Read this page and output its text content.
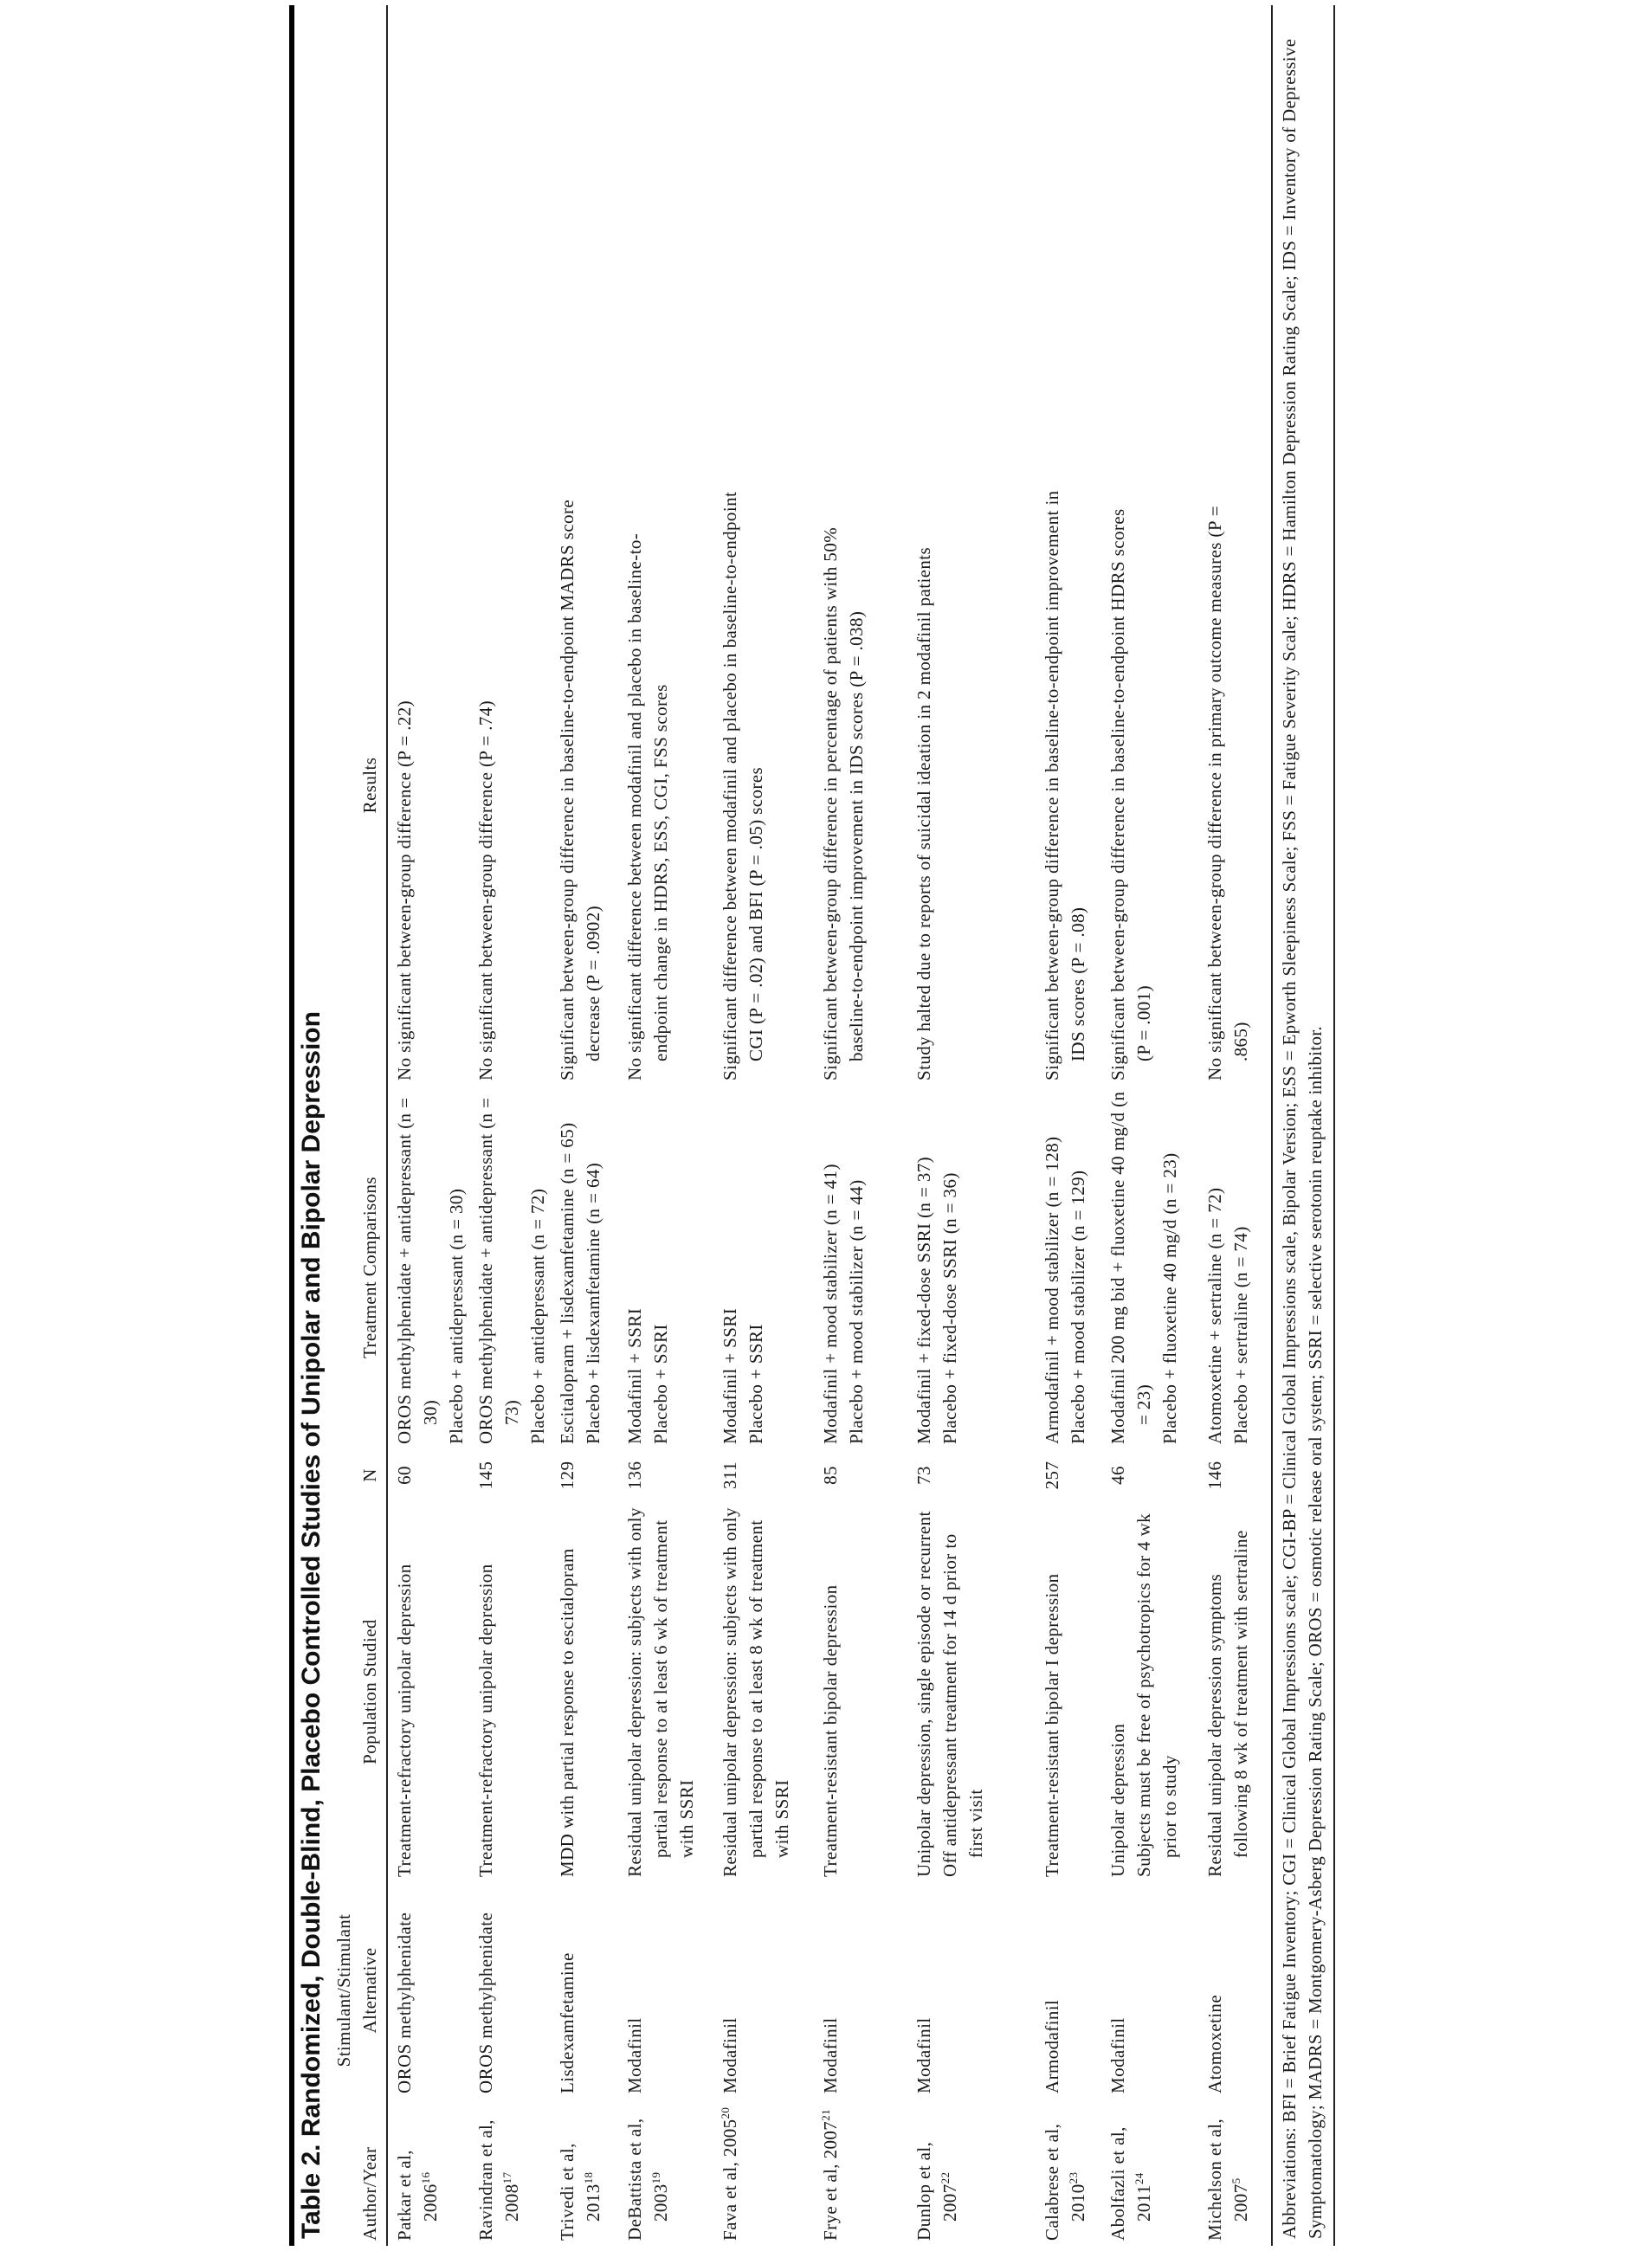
Table 2. Randomized, Double-Blind, Placebo Controlled Studies of Unipolar and Bipolar Depression Author/Year	Stimulant/Stimulant Alternative	Population Studied	N	Treatment Comparisons	Results

Patkar et al, 2006$^{16}$	OROS methylphenidate	Treatment-refractory unipolar depression	60	OROS methylphenidate + antidepressant (n = 30) Placebo + antidepressant (n = 30)	No significant between-group difference (P = .22)

Ravindran et al, 2008$^{17}$	OROS methylphenidate	Treatment-refractory unipolar depression	145	OROS methylphenidate + antidepressant (n = 73) Placebo + antidepressant (n = 72)	No significant between-group difference (P = .74)

Trivedi et al, 2013$^{18}$	Lisdexamfetamine	MDD with partial response to escitalopram	129	Escitalopram + lisdexamfetamine (n = 65) Placebo + lisdexamfetamine (n = 64)	Significant between-group difference in baseline-to-endpoint MADRS score decrease (P = .0902)

DeBattista et al, 2003$^{19}$	Modafinil	Residual unipolar depression: subjects with only partial response to at least 6 wk of treatment with SSRI	136	Modafinil + SSRI Placebo + SSRI	No significant difference between modafinil and placebo in baseline-to-endpoint change in HDRS, ESS, CGI, FSS scores

Fava et al, 2005$^{20}$	Modafinil	Residual unipolar depression: subjects with only partial response to at least 8 wk of treatment with SSRI	311	Modafinil + SSRI Placebo + SSRI	Significant difference between modafinil and placebo in baseline-to-endpoint CGI (P = .02) and BFI (P = .05) scores

Frye et al, 2007$^{21}$	Modafinil	Treatment-resistant bipolar depression	85	Modafinil + mood stabilizer (n = 41) Placebo + mood stabilizer (n = 44)	Significant between-group difference in percentage of patients with 50% baseline-to-endpoint improvement in IDS scores (P = .038)

Dunlop et al, 2007$^{22}$	Modafinil	Unipolar depression, single episode or recurrent Off antidepressant treatment for 14 d prior to first visit	73	Modafinil + fixed-dose SSRI (n = 37) Placebo + fixed-dose SSRI (n = 36)	Study halted due to reports of suicidal ideation in 2 modafinil patients

Calabrese et al, 2010$^{23}$	Armodafinil	Treatment-resistant bipolar I depression	257	Armodafinil + mood stabilizer (n = 128) Placebo + mood stabilizer (n = 129)	Significant between-group difference in baseline-to-endpoint improvement in IDS scores (P = .08)

Abolfazli et al, 2011$^{24}$	Modafinil	Unipolar depression Subjects must be free of psychotropics for 4 wk prior to study	46	Modafinil 200 mg bid + fluoxetine 40 mg/d (n = 23) Placebo + fluoxetine 40 mg/d (n = 23)	Significant between-group difference in baseline-to-endpoint HDRS scores (P = .001)

Michelson et al, 2007$^5$	Atomoxetine	Residual unipolar depression symptoms following 8 wk of treatment with sertraline	146	Atomoxetine + sertraline (n = 72) Placebo + sertraline (n = 74)	No significant between-group difference in primary outcome measures (P = .865)	Abbreviations: BFI = Brief Fatigue Inventory; CGI = Clinical Global Impressions scale; CGI-BP = Clinical Global Impressions scale, Bipolar Version; ESS = Epworth Sleepiness Scale; FSS = Fatigue Severity Scale; HDRS = Hamilton Depression Rating Scale; IDS = Inventory of Depressive Symptomatology; MADRS = Montgomery-Asberg Depression Rating Scale; OROS = osmotic release oral system; SSRI = selective serotonin reuptake inhibitor.
